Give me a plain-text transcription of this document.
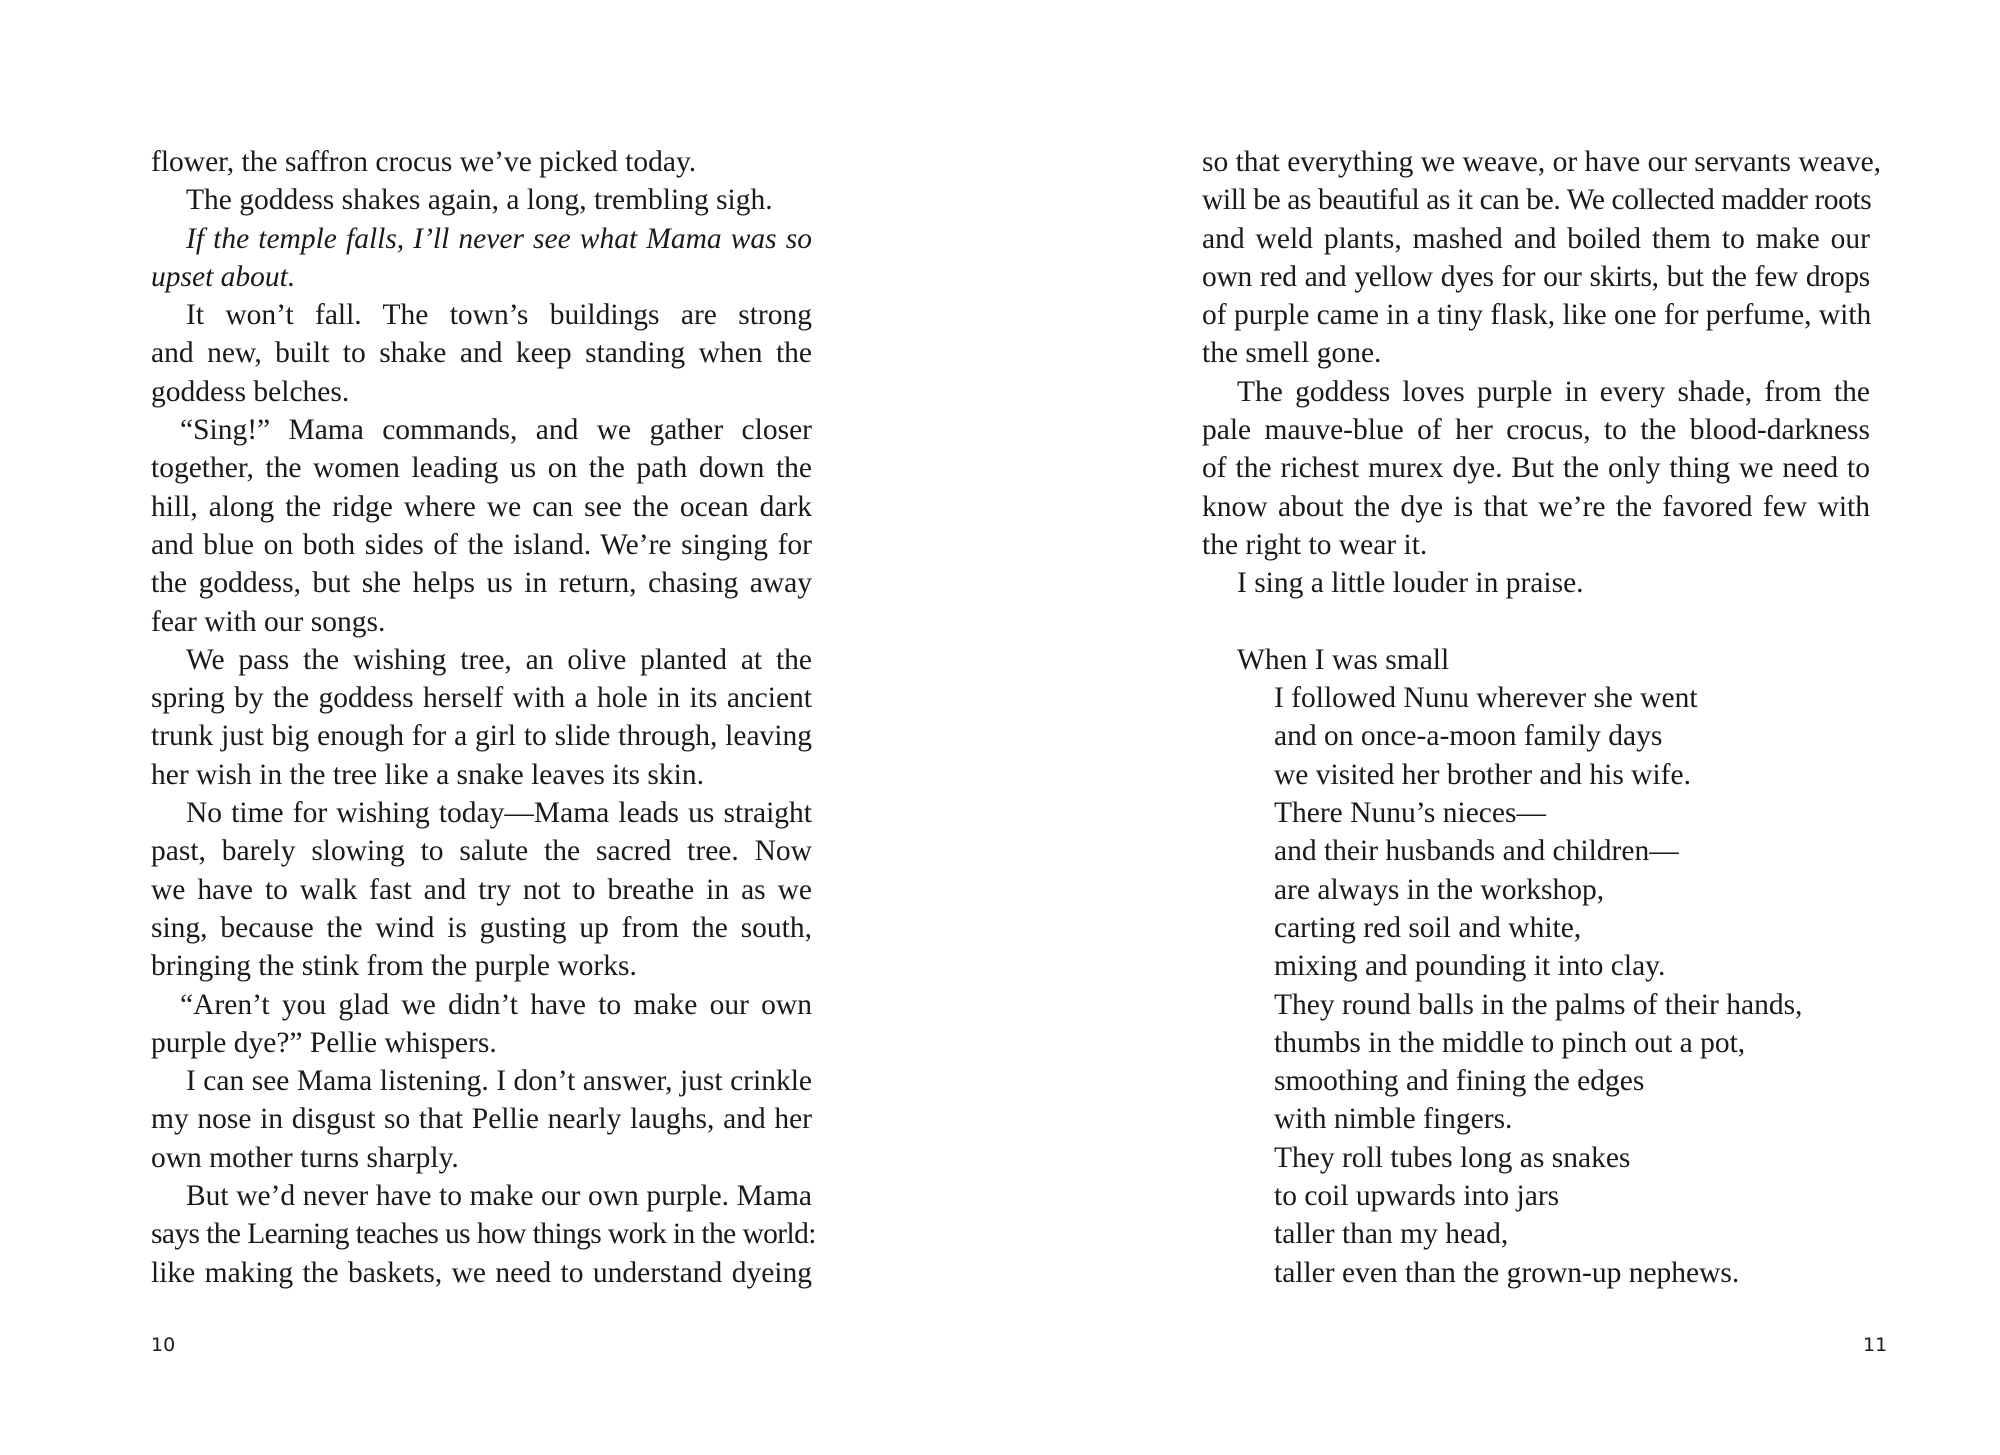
flower, the saffron crocus we’ve picked today.
The goddess shakes again, a long, trembling sigh.
If the temple falls, I’ll never see what Mama was so
upset about.
It won’t fall. The town’s buildings are strong
and new, built to shake and keep standing when the
goddess belches.
“Sing!” Mama commands, and we gather closer
together, the women leading us on the path down the
hill, along the ridge where we can see the ocean dark
and blue on both sides of the island. We’re singing for
the goddess, but she helps us in return, chasing away
fear with our songs.
We pass the wishing tree, an olive planted at the
spring by the goddess herself with a hole in its ancient
trunk just big enough for a girl to slide through, leaving
her wish in the tree like a snake leaves its skin.
No time for wishing today—Mama leads us straight
past, barely slowing to salute the sacred tree. Now
we have to walk fast and try not to breathe in as we
sing, because the wind is gusting up from the south,
bringing the stink from the purple works.
“Aren’t you glad we didn’t have to make our own
purple dye?” Pellie whispers.
I can see Mama listening. I don’t answer, just crinkle
my nose in disgust so that Pellie nearly laughs, and her
own mother turns sharply.
But we’d never have to make our own purple. Mama
says the Learning teaches us how things work in the world:
like making the baskets, we need to understand dyeing
10
so that everything we weave, or have our servants weave,
will be as beautiful as it can be. We collected madder roots
and weld plants, mashed and boiled them to make our
own red and yellow dyes for our skirts, but the few drops
of purple came in a tiny flask, like one for perfume, with
the smell gone.
The goddess loves purple in every shade, from the
pale mauve-blue of her crocus, to the blood-darkness
of the richest murex dye. But the only thing we need to
know about the dye is that we’re the favored few with
the right to wear it.
I sing a little louder in praise.
When I was small
I followed Nunu wherever she went
and on once-a-moon family days
we visited her brother and his wife.
There Nunu’s nieces—
and their husbands and children—
are always in the workshop,
carting red soil and white,
mixing and pounding it into clay.
They round balls in the palms of their hands,
thumbs in the middle to pinch out a pot,
smoothing and fining the edges
with nimble fingers.
They roll tubes long as snakes
to coil upwards into jars
taller than my head,
taller even than the grown-up nephews.
11
